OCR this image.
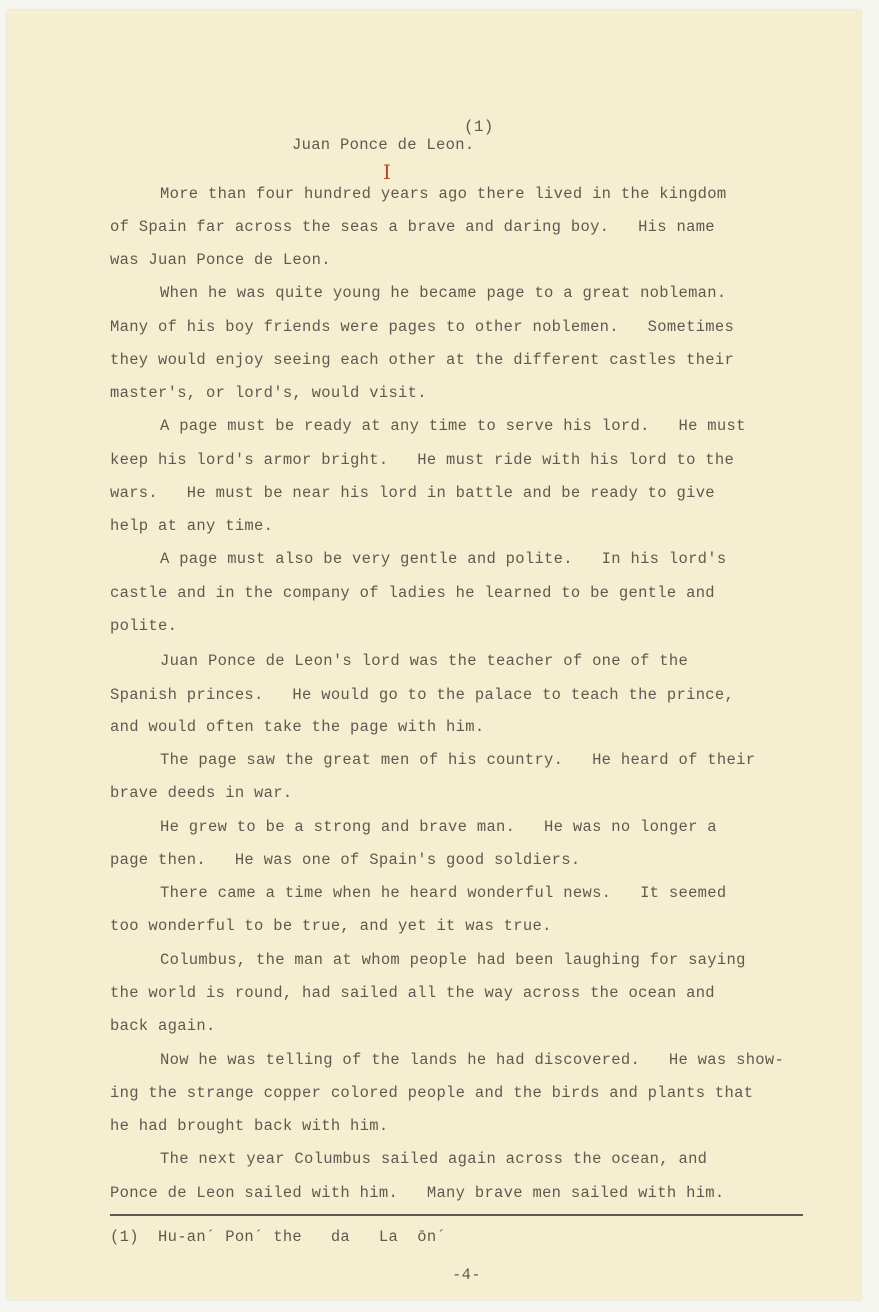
(1)
Juan Ponce de Leon.
I
More than four hundred years ago there lived in the kingdom
of Spain far across the seas a brave and daring boy.   His name
was Juan Ponce de Leon.
When he was quite young he became page to a great nobleman.
Many of his boy friends were pages to other noblemen.   Sometimes
they would enjoy seeing each other at the different castles their
master's, or lord's, would visit.
A page must be ready at any time to serve his lord.   He must
keep his lord's armor bright.   He must ride with his lord to the
wars.   He must be near his lord in battle and be ready to give
help at any time.
A page must also be very gentle and polite.   In his lord's
castle and in the company of ladies he learned to be gentle and
polite.
Juan Ponce de Leon's lord was the teacher of one of the
Spanish princes.   He would go to the palace to teach the prince,
and would often take the page with him.
The page saw the great men of his country.   He heard of their
brave deeds in war.
He grew to be a strong and brave man.   He was no longer a
page then.   He was one of Spain's good soldiers.
There came a time when he heard wonderful news.   It seemed
too wonderful to be true, and yet it was true.
Columbus, the man at whom people had been laughing for saying
the world is round, had sailed all the way across the ocean and
back again.
Now he was telling of the lands he had discovered.   He was show-
ing the strange copper colored people and the birds and plants that
he had brought back with him.
The next year Columbus sailed again across the ocean, and
Ponce de Leon sailed with him.   Many brave men sailed with him.
(1)  Hu-an´ Pon´ the   da   La  ōn´
-4-
